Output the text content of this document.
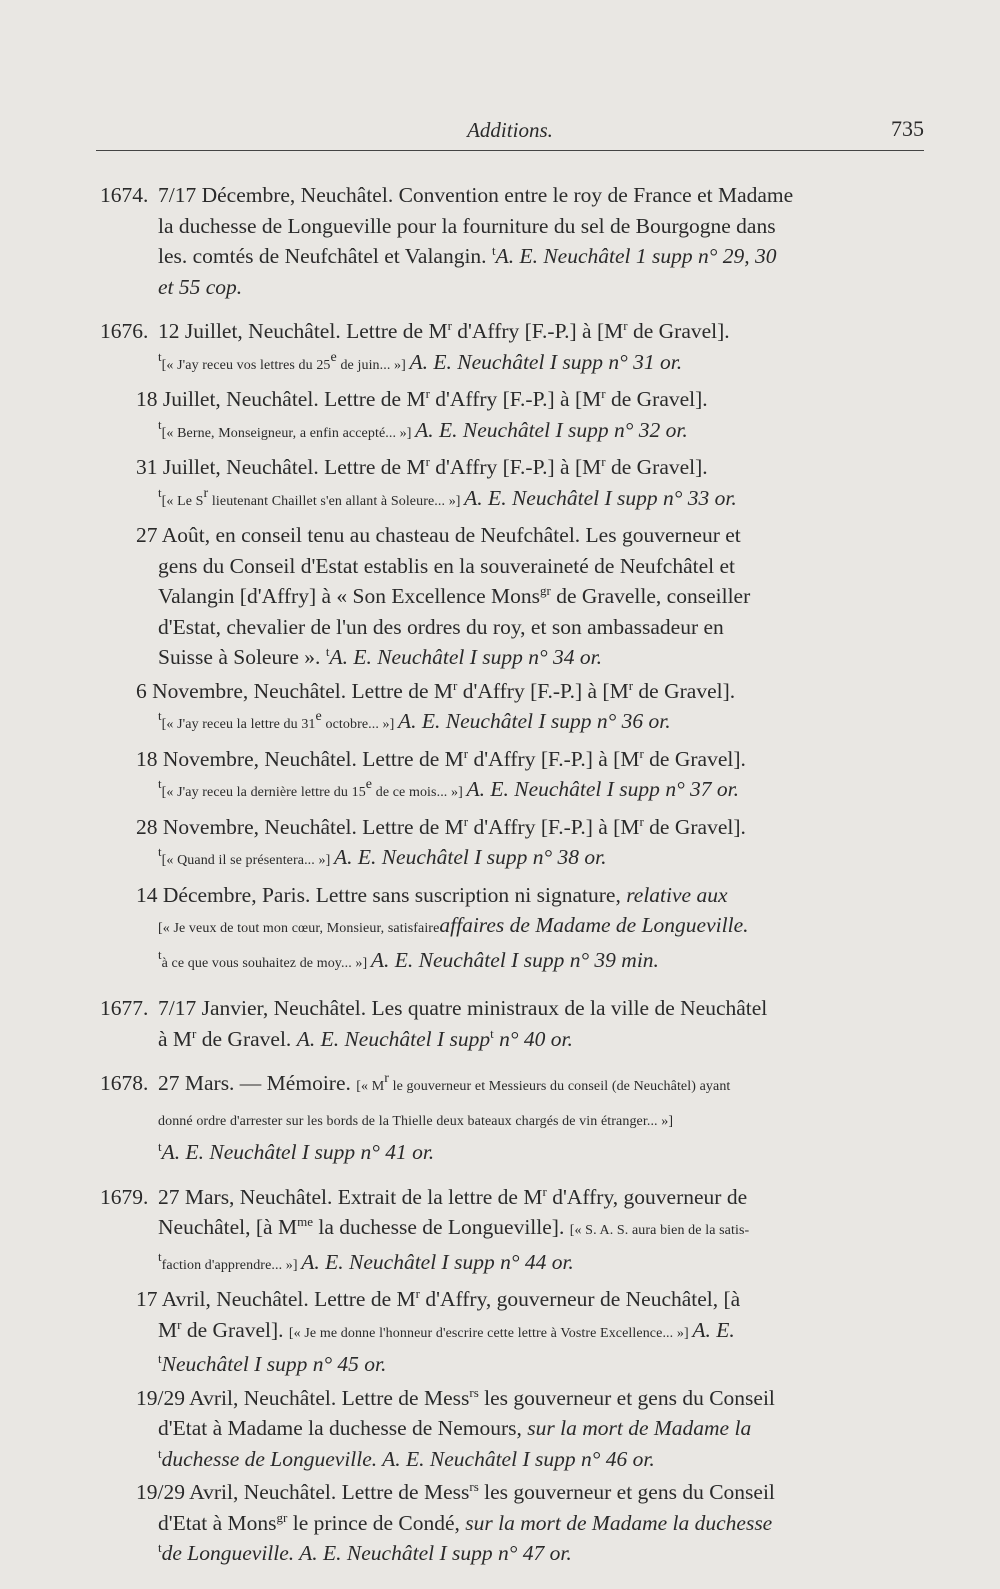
Additions.	735
1674. 7/17 Décembre, Neuchâtel. Convention entre le roy de France et Madame
la duchesse de Longueville pour la fourniture du sel de Bourgogne dans
les. comtés de Neufchâtel et Valangin. $^t$A. E. Neuchâtel 1 supp n° 29, 30
et 55 cop.
1676. 12 Juillet, Neuchâtel. Lettre de $M^r$ d'Affry [F.-P.] à [$M^r$ de Gravel].
$^t$[« J'ay receu vos lettres du 25e de juin... »] A. E. Neuchâtel I supp n° 31 or.
18 Juillet, Neuchâtel. Lettre de $M^r$ d'Affry [F.-P.] à [$M^r$ de Gravel].
$^t$[« Berne, Monseigneur, a enfin accepté... »] A. E. Neuchâtel I supp n° 32 or.
31 Juillet, Neuchâtel. Lettre de $M^r$ d'Affry [F.-P.] à [$M^r$ de Gravel].
$^t$[« Le $S^r$ lieutenant Chaillet s'en allant à Soleure... »] A. E. Neuchâtel I supp n° 33 or.
27 Août, en conseil tenu au chasteau de Neufchâtel. Les gouverneur et
gens du Conseil d'Estat establis en la souveraineté de Neufchâtel et
Valangin [d'Affry] à « Son Excellence Mons$^{gr}$ de Gravelle, conseiller
d'Estat, chevalier de l'un des ordres du roy, et son ambassadeur en
Suisse à Soleure ». $^t$A. E. Neuchâtel I supp n° 34 or.
6 Novembre, Neuchâtel. Lettre de $M^r$ d'Affry [F.-P.] à [$M^r$ de Gravel].
$^t$[« J'ay receu la lettre du 31e octobre... »] A. E. Neuchâtel I supp n° 36 or.
18 Novembre, Neuchâtel. Lettre de $M^r$ d'Affry [F.-P.] à [$M^r$ de Gravel].
$^t$[« J'ay receu la dernière lettre du 15e de ce mois... »] A. E. Neuchâtel I supp n° 37 or.
28 Novembre, Neuchâtel. Lettre de $M^r$ d'Affry [F.-P.] à [$M^r$ de Gravel].
$^t$[« Quand il se présentera... »] A. E. Neuchâtel I supp n° 38 or.
14 Décembre, Paris. Lettre sans suscription ni signature, relative aux
[« Je veux de tout mon cœur, Monsieur, satisfaireaffaires de Madame de Longueville.
$^t$à ce que vous souhaitez de moy... »] A. E. Neuchâtel I supp n° 39 min.
1677. 7/17 Janvier, Neuchâtel. Les quatre ministraux de la ville de Neuchâtel
à $M^r$ de Gravel. A. E. Neuchâtel I supp$^t$ n° 40 or.
1678. 27 Mars. — Mémoire. [« $M^r$ le gouverneur et Messieurs du conseil (de Neuchâtel) ayant
donné ordre d'arrester sur les bords de la Thielle deux bateaux chargés de vin étranger... »]
$^t$A. E. Neuchâtel I supp n° 41 or.
1679. 27 Mars, Neuchâtel. Extrait de la lettre de $M^r$ d'Affry, gouverneur de
Neuchâtel, [à $M^{me}$ la duchesse de Longueville]. [« S. A. S. aura bien de la satis-
$^t$faction d'apprendre... »] A. E. Neuchâtel I supp n° 44 or.
17 Avril, Neuchâtel. Lettre de $M^r$ d'Affry, gouverneur de Neuchâtel, [à
$M^r$ de Gravel]. [« Je me donne l'honneur d'escrire cette lettre à Vostre Excellence... »] A. E.
$^t$Neuchâtel I supp n° 45 or.
19/29 Avril, Neuchâtel. Lettre de Mess$^{rs}$ les gouverneur et gens du Conseil
d'Etat à Madame la duchesse de Nemours, sur la mort de Madame la
$^t$duchesse de Longueville. A. E. Neuchâtel I supp n° 46 or.
19/29 Avril, Neuchâtel. Lettre de Mess$^{rs}$ les gouverneur et gens du Conseil
d'Etat à Mons$^{gr}$ le prince de Condé, sur la mort de Madame la duchesse
$^t$de Longueville. A. E. Neuchâtel I supp n° 47 or.
